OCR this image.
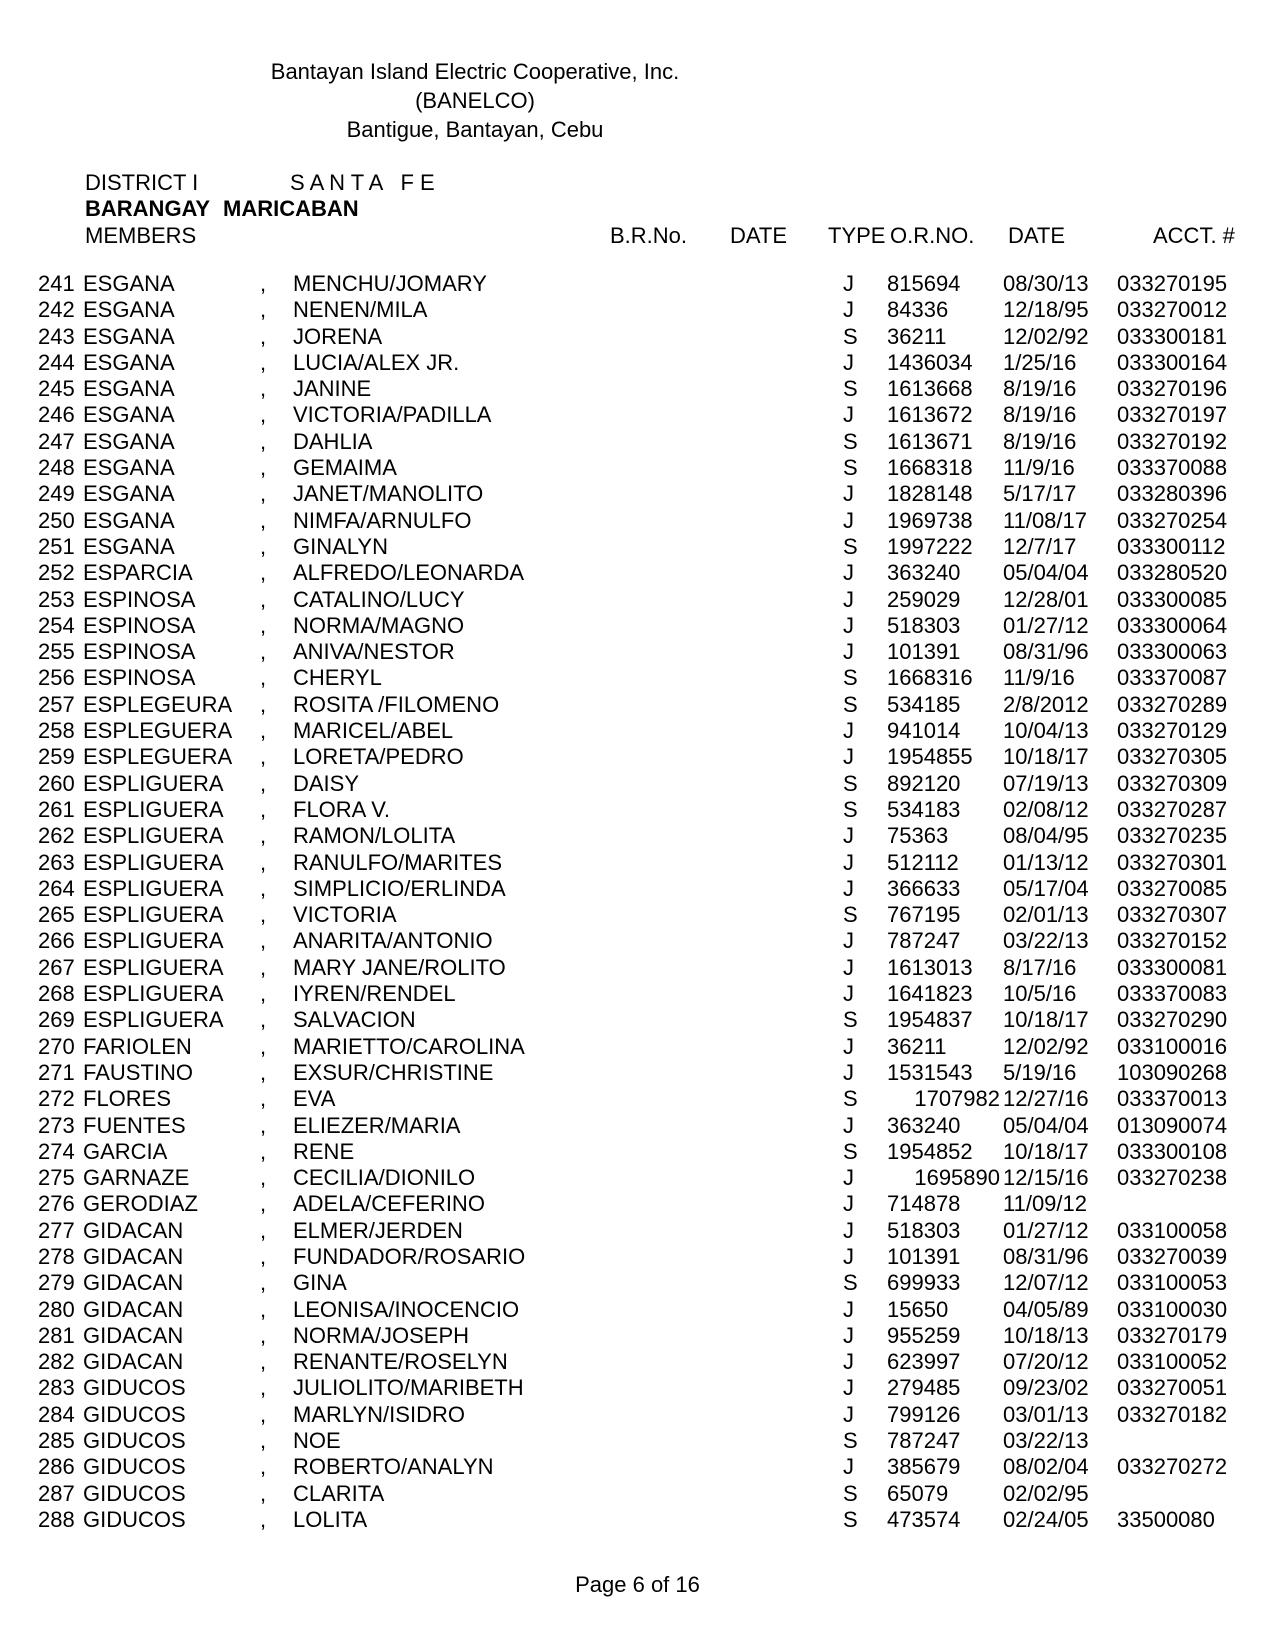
Bantayan Island Electric Cooperative, Inc.
(BANELCO)
Bantigue, Bantayan, Cebu
DISTRICT I	S A N T A   F E
BARANGAY MARICABAN
MEMBERS	B.R.No. DATE TYPE O.R.NO. DATE	ACCT. #
241 ESGANA	, MENCHU/JOMARY	J 815694	08/30/13 033270195
242 ESGANA	, NENEN/MILA	J 84336	12/18/95 033270012
243 ESGANA	, JORENA	S 36211	12/02/92 033300181
244 ESGANA	, LUCIA/ALEX JR.	J 1436034	1/25/16 033300164
245 ESGANA	, JANINE	S 1613668	8/19/16 033270196
246 ESGANA	, VICTORIA/PADILLA	J 1613672	8/19/16 033270197
247 ESGANA	, DAHLIA	S 1613671	8/19/16 033270192
248 ESGANA	, GEMAIMA	S 1668318	11/9/16 033370088
249 ESGANA	, JANET/MANOLITO	J 1828148	5/17/17 033280396
250 ESGANA	, NIMFA/ARNULFO	J 1969738	11/08/17 033270254
251 ESGANA	, GINALYN	S 1997222	12/7/17 033300112
252 ESPARCIA	, ALFREDO/LEONARDA	J 363240	05/04/04 033280520
253 ESPINOSA	, CATALINO/LUCY	J 259029	12/28/01 033300085
254 ESPINOSA	, NORMA/MAGNO	J 518303	01/27/12 033300064
255 ESPINOSA	, ANIVA/NESTOR	J 101391	08/31/96 033300063
256 ESPINOSA	, CHERYL	S 1668316	11/9/16 033370087
257 ESPLEGEURA , ROSITA /FILOMENO	S 534185	2/8/2012 033270289
258 ESPLEGUERA , MARICEL/ABEL	J 941014	10/04/13 033270129
259 ESPLEGUERA , LORETA/PEDRO	J 1954855	10/18/17 033270305
260 ESPLIGUERA , DAISY	S 892120	07/19/13 033270309
261 ESPLIGUERA , FLORA V.	S 534183	02/08/12 033270287
262 ESPLIGUERA , RAMON/LOLITA	J 75363	08/04/95 033270235
263 ESPLIGUERA , RANULFO/MARITES	J 512112	01/13/12 033270301
264 ESPLIGUERA , SIMPLICIO/ERLINDA	J 366633	05/17/04 033270085
265 ESPLIGUERA , VICTORIA	S 767195	02/01/13 033270307
266 ESPLIGUERA , ANARITA/ANTONIO	J 787247	03/22/13 033270152
267 ESPLIGUERA , MARY JANE/ROLITO	J 1613013	8/17/16 033300081
268 ESPLIGUERA , IYREN/RENDEL	J 1641823	10/5/16 033370083
269 ESPLIGUERA , SALVACION	S 1954837	10/18/17 033270290
270 FARIOLEN	, MARIETTO/CAROLINA	J 36211	12/02/92 033100016
271 FAUSTINO	, EXSUR/CHRISTINE	J 1531543	5/19/16 103090268
272 FLORES	, EVA	S	1707982 12/27/16 033370013
273 FUENTES	, ELIEZER/MARIA	J 363240	05/04/04 013090074
274 GARCIA	, RENE	S 1954852	10/18/17 033300108
275 GARNAZE	, CECILIA/DIONILO	J	1695890 12/15/16 033270238
276 GERODIAZ	, ADELA/CEFERINO	J 714878	11/09/12
277 GIDACAN	, ELMER/JERDEN	J 518303	01/27/12 033100058
278 GIDACAN	, FUNDADOR/ROSARIO	J 101391	08/31/96 033270039
279 GIDACAN	, GINA	S 699933	12/07/12 033100053
280 GIDACAN	, LEONISA/INOCENCIO	J 15650	04/05/89 033100030
281 GIDACAN	, NORMA/JOSEPH	J 955259	10/18/13 033270179
282 GIDACAN	, RENANTE/ROSELYN	J 623997	07/20/12 033100052
283 GIDUCOS	, JULIOLITO/MARIBETH	J 279485	09/23/02 033270051
284 GIDUCOS	, MARLYN/ISIDRO	J 799126	03/01/13 033270182
285 GIDUCOS	, NOE	S 787247	03/22/13
286 GIDUCOS	, ROBERTO/ANALYN	J 385679	08/02/04 033270272
287 GIDUCOS	, CLARITA	S 65079	02/02/95
288 GIDUCOS	, LOLITA	S 473574	02/24/05 33500080
Page 6 of 16
